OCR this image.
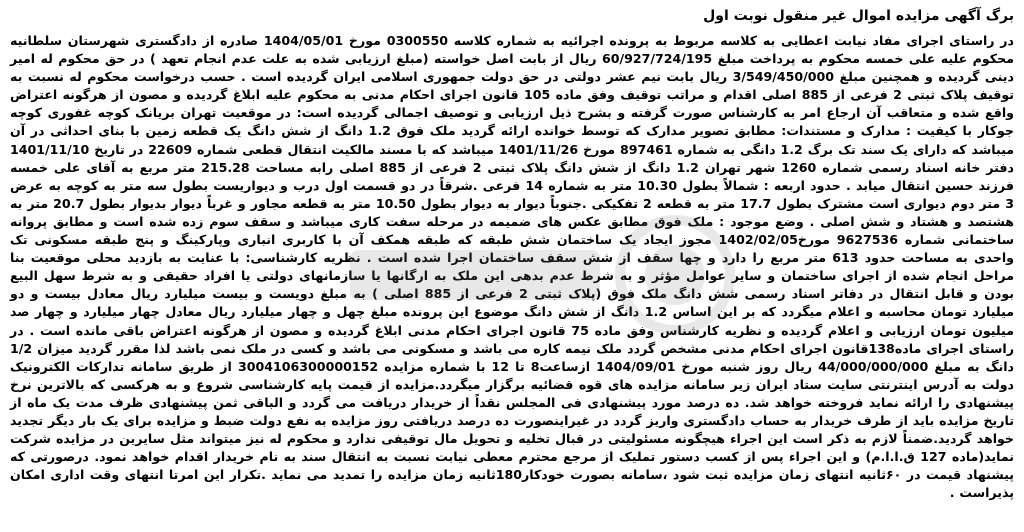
برگ آگهی مزایده اموال غیر منقول نوبت اول

در راستای اجرای مفاد نیابت اعطایی به کلاسه مربوط به پرونده اجرائیه به شماره کلاسه 0300550 مورخ 1404/05/01 صادره از دادگستری شهرستان سلطانیه محکوم علیه علی خمسه محکوم به پرداخت مبلغ 60/927/724/195 ریال از بابت اصل خواسته (مبلغ ارزیابی شده به علت عدم انجام تعهد ) در حق محکوم له امیر دینی گردیده و همچنین مبلغ 3/549/450/000 ریال بابت نیم عشر دولتی در حق دولت جمهوری اسلامی ایران گردیده است . حسب درخواست محکوم له نسبت به توقیف پلاک ثبتی 2 فرعی از 885 اصلی اقدام و مراتب توقیف وفق ماده 105 قانون اجرای احکام مدنی به محکوم علیه ابلاغ گردیده و مصون از هرگونه اعتراض واقع شده و متعاقب آن ارجاع امر به کارشناس صورت گرفته و بشرح ذیل ارزیابی و توصیف اجمالی گردیده است: در موقعیت تهران بریانک کوچه غفوری کوچه جوکار با کیفیت : مدارک و مستندات: مطابق تصویر مدارک که توسط خوانده ارائه گردید ملک فوق 1.2 دانگ از شش دانگ یک قطعه زمین با بنای احداثی در آن میباشد که دارای یک سند تک برگ 1.2 دانگی به شماره 897461 مورخ 1401/11/26 میباشد که با مسند مالکیت انتقال قطعی شماره 22609 در تاریخ 1401/11/10 دفتر خانه اسناد رسمی شماره 1260 شهر تهران 1.2 دانگ از شش دانگ پلاک ثبتی 2 فرعی از 885 اصلی رابه مساحت 215.28 متر مربع به آقای علی خمسه فرزند حسین انتقال میابد . حدود اربعه : شمالاً بطول 10.30 متر به شماره 14 فرعی .شرقاً در دو قسمت اول درب و دیواریست بطول سه متر به کوچه به عرض 3 متر دوم دیواری است مشترک بطول 17.7 متر به قطعه 2 تفکیکی .جنوباً دیوار به دیوار بطول 10.50 متر به قطعه مجاور و غرباً دیوار بدیوار بطول 20.7 متر به هشتصد و هشتاد و شش اصلی . وضع موجود : ملک فوق مطابق عکس های ضمیمه در مرحله سفت کاری میباشد و سقف سوم زده شده است و مطابق پروانه ساختمانی شماره 9627536 مورخ1402/02/05 مجوز ایجاد یک ساختمان شش طبقه که طبقه همکف آن با کاربری انباری وپارکینگ و پنج طبقه مسکونی تک واحدی به مساحت حدود 613 متر مربع را دارد و چها سقف از شش سقف ساختمان اجرا شده است . نظریه کارشناسی: با عنایت به بازدید محلی موقعیت بنا مراحل انجام شده از اجرای ساختمان و سایر عوامل مؤثر و به شرط عدم بدهی این ملک به ارگانها یا سازمانهای دولتی یا افراد حقیقی و به شرط سهل البیع بودن و قابل انتقال در دفاتر اسناد رسمی شش دانگ ملک فوق (پلاک ثبتی 2 فرعی از 885 اصلی ) به مبلغ دویست و بیست میلیارد ریال معادل بیست و دو میلیارد تومان محاسبه و اعلام میگردد که بر این اساس 1.2 دانگ از شش دانگ موضوع این پرونده مبلغ چهل و چهار میلیارد ریال معادل چهار میلیارد و چهار صد میلیون تومان ارزیابی و اعلام گردیده و نظریه کارشناس وفق ماده 75 قانون اجرای احکام مدنی ابلاغ گردیده و مصون از هرگونه اعتراض باقی مانده است . در راستای اجرای ماده138قانون اجرای احکام مدنی مشخص گردد ملک نیمه کاره می باشد و مسکونی می باشد و کسی در ملک نمی باشد لذا مقرر گردید میزان 1/2 دانگ به مبلغ 44/000/000/000 ریال روز شنبه مورخ 1404/09/01 ازساعت8 تا 12 با شماره مزایده 3004106300000152 از طریق سامانه تدارکات الکترونیک دولت به آدرس اینترنتی سایت ستاد ایران زیر سامانه مزایده های قوه قضائیه برگزار میگردد.مزایده از قیمت پایه کارشناسی شروع و به هرکسی که بالاترین نرخ پیشنهادی را ارائه نماید فروخته خواهد شد. ده درصد مورد پیشنهادی فی المجلس نقداً از خریدار دریافت می گردد و الباقی ثمن پیشنهادی ظرف مدت یک ماه از تاریخ مزایده باید از طرف خریدار به حساب دادگستری واریز گردد در غیراینصورت ده درصد دریافتی روز مزایده به نفع دولت ضبط و مزایده برای یک بار دیگر تجدید خواهد گردید.ضمناً لازم به ذکر است این اجراء هیچگونه مسئولیتی در قبال تخلیه و تحویل مال توقیفی ندارد و محکوم له نیز میتواند مثل سایرین در مزایده شرکت نماید(ماده 127 ق.ا.ا.م) و این اجراء پس از کسب دستور تملیک از مرجع محترم معطی نیابت نسبت به انتقال سند به نام خریدار اقدام خواهد نمود. درصورتی که پیشنهاد قیمت در ۶۰ثانیه انتهای زمان مزایده ثبت شود ،سامانه بصورت خودکار180ثانیه زمان مزایده را تمدید می نماید .تکرار این امرتا انتهای وقت اداری امکان پذیراست .
